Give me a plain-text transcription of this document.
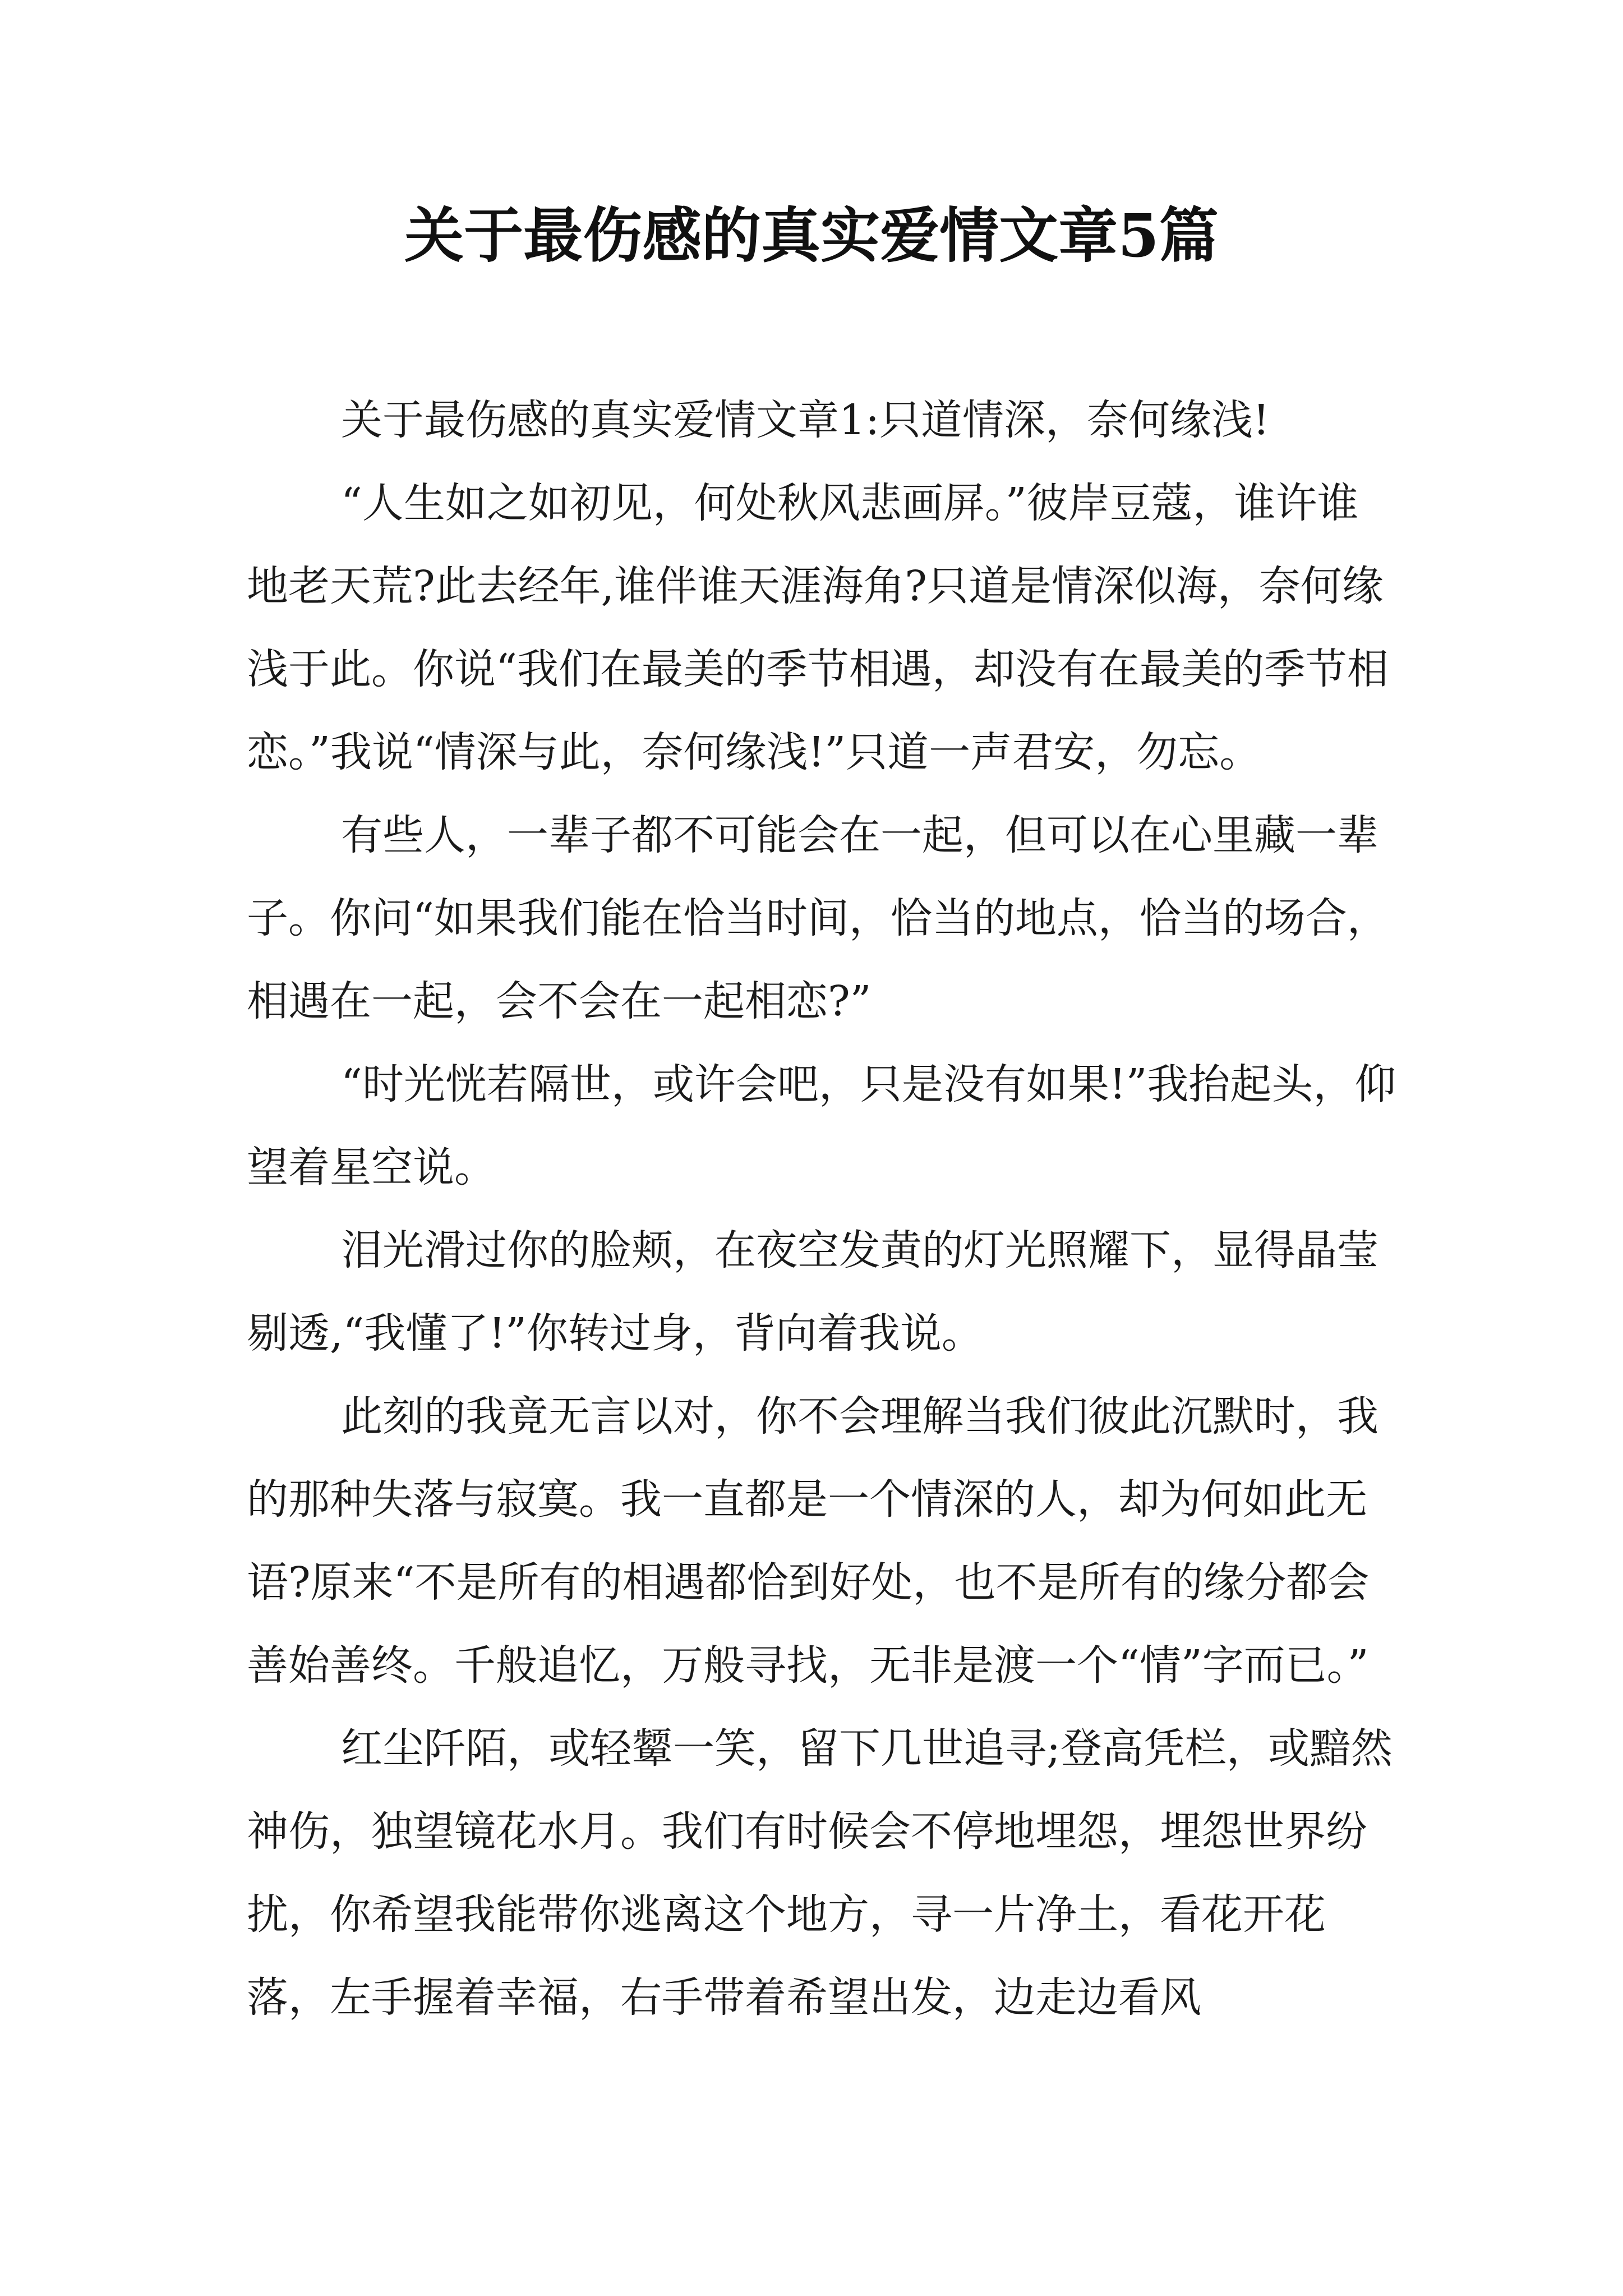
关于最伤感的真实爱情文章5篇

关于最伤感的真实爱情文章1:只道情深，奈何缘浅!

“人生如之如初见，何处秋风悲画屏。”彼岸豆蔻，谁许谁地老天荒?此去经年,谁伴谁天涯海角?只道是情深似海，奈何缘浅于此。你说“我们在最美的季节相遇，却没有在最美的季节相恋。”我说“情深与此，奈何缘浅!”只道一声君安，勿忘。

有些人，一辈子都不可能会在一起，但可以在心里藏一辈子。你问“如果我们能在恰当时间，恰当的地点，恰当的场合，相遇在一起，会不会在一起相恋?”

“时光恍若隔世，或许会吧，只是没有如果!”我抬起头，仰望着星空说。

泪光滑过你的脸颊，在夜空发黄的灯光照耀下，显得晶莹剔透,“我懂了!”你转过身，背向着我说。

此刻的我竟无言以对，你不会理解当我们彼此沉默时，我的那种失落与寂寞。我一直都是一个情深的人，却为何如此无语?原来“不是所有的相遇都恰到好处，也不是所有的缘分都会善始善终。千般追忆，万般寻找，无非是渡一个“情”字而已。”

红尘阡陌，或轻颦一笑，留下几世追寻;登高凭栏，或黯然神伤，独望镜花水月。我们有时候会不停地埋怨，埋怨世界纷扰，你希望我能带你逃离这个地方，寻一片净土，看花开花落，左手握着幸福，右手带着希望出发，边走边看风
